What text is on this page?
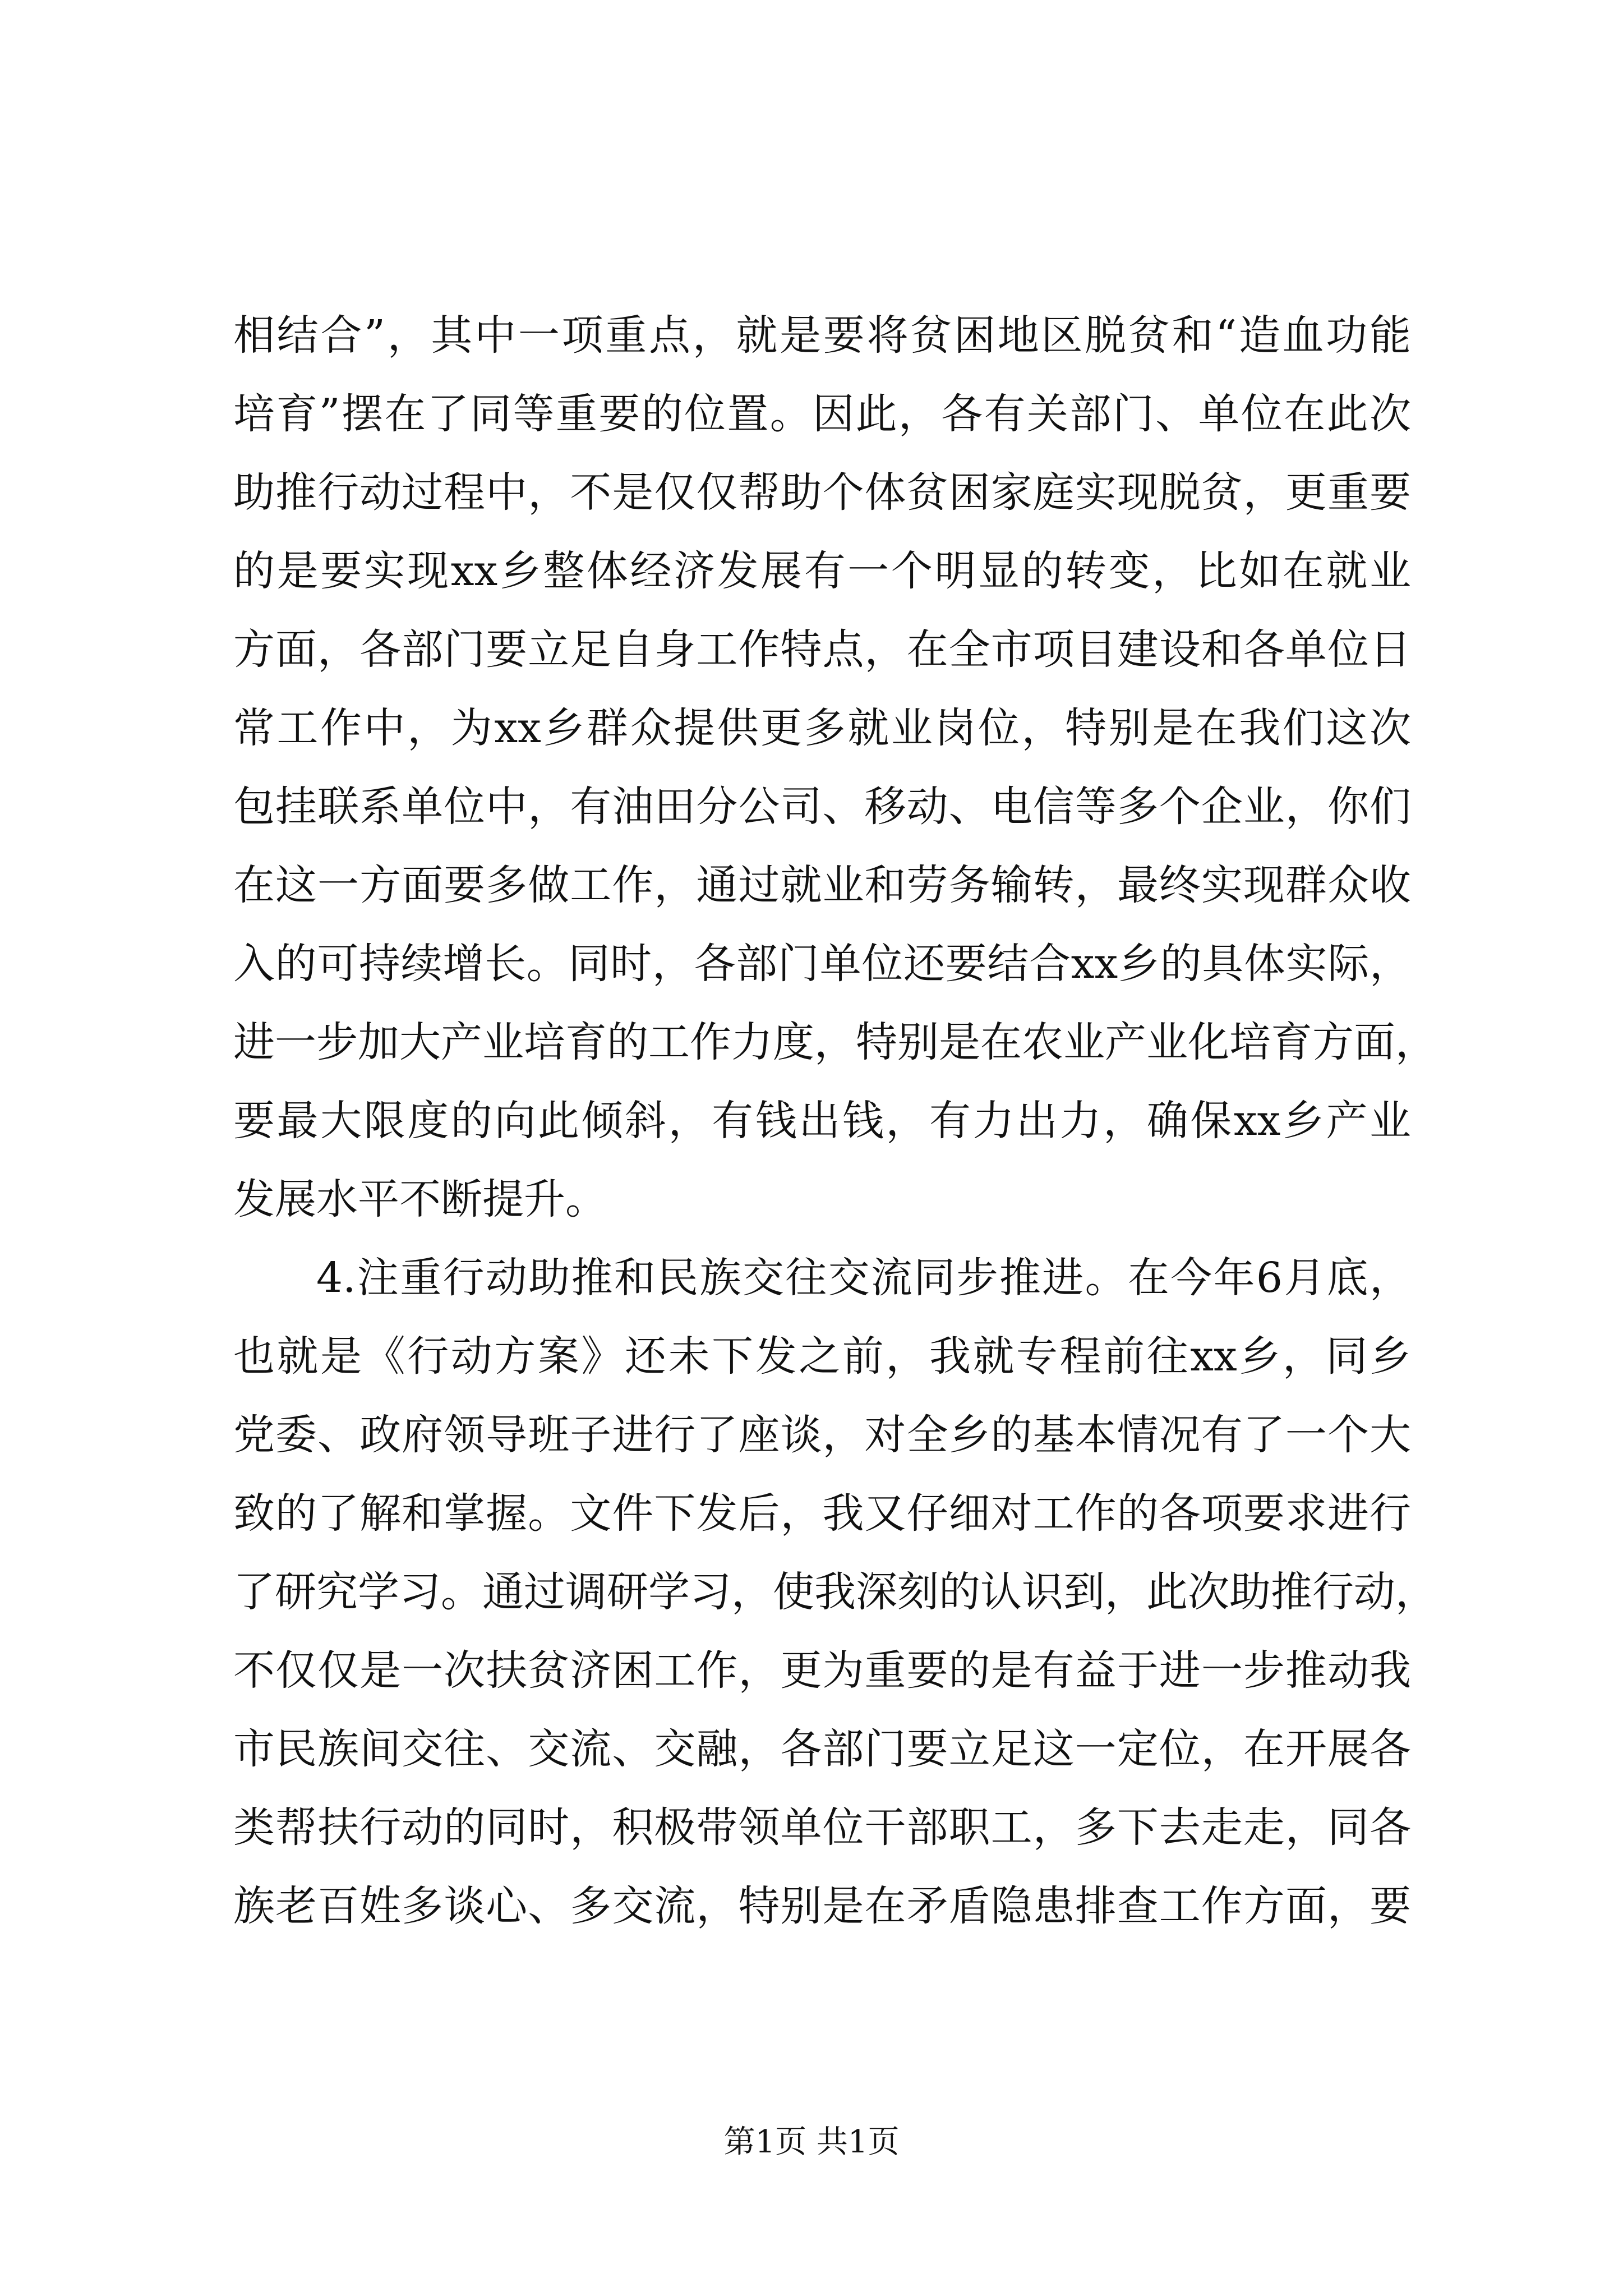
相结合”，其中一项重点，就是要将贫困地区脱贫和“造血功能
培育”摆在了同等重要的位置。因此，各有关部门、单位在此次
助推行动过程中，不是仅仅帮助个体贫困家庭实现脱贫，更重要
的是要实现xx乡整体经济发展有一个明显的转变，比如在就业
方面，各部门要立足自身工作特点，在全市项目建设和各单位日
常工作中，为xx乡群众提供更多就业岗位，特别是在我们这次
包挂联系单位中，有油田分公司、移动、电信等多个企业，你们
在这一方面要多做工作，通过就业和劳务输转，最终实现群众收
入的可持续增长。同时，各部门单位还要结合xx乡的具体实际，
进一步加大产业培育的工作力度，特别是在农业产业化培育方面，
要最大限度的向此倾斜，有钱出钱，有力出力，确保xx乡产业
发展水平不断提升。
4.注重行动助推和民族交往交流同步推进。在今年6月底，
也就是《行动方案》还未下发之前，我就专程前往xx乡，同乡
党委、政府领导班子进行了座谈，对全乡的基本情况有了一个大
致的了解和掌握。文件下发后，我又仔细对工作的各项要求进行
了研究学习。通过调研学习，使我深刻的认识到，此次助推行动，
不仅仅是一次扶贫济困工作，更为重要的是有益于进一步推动我
市民族间交往、交流、交融，各部门要立足这一定位，在开展各
类帮扶行动的同时，积极带领单位干部职工，多下去走走，同各
族老百姓多谈心、多交流，特别是在矛盾隐患排查工作方面，要
第1页 共1页
